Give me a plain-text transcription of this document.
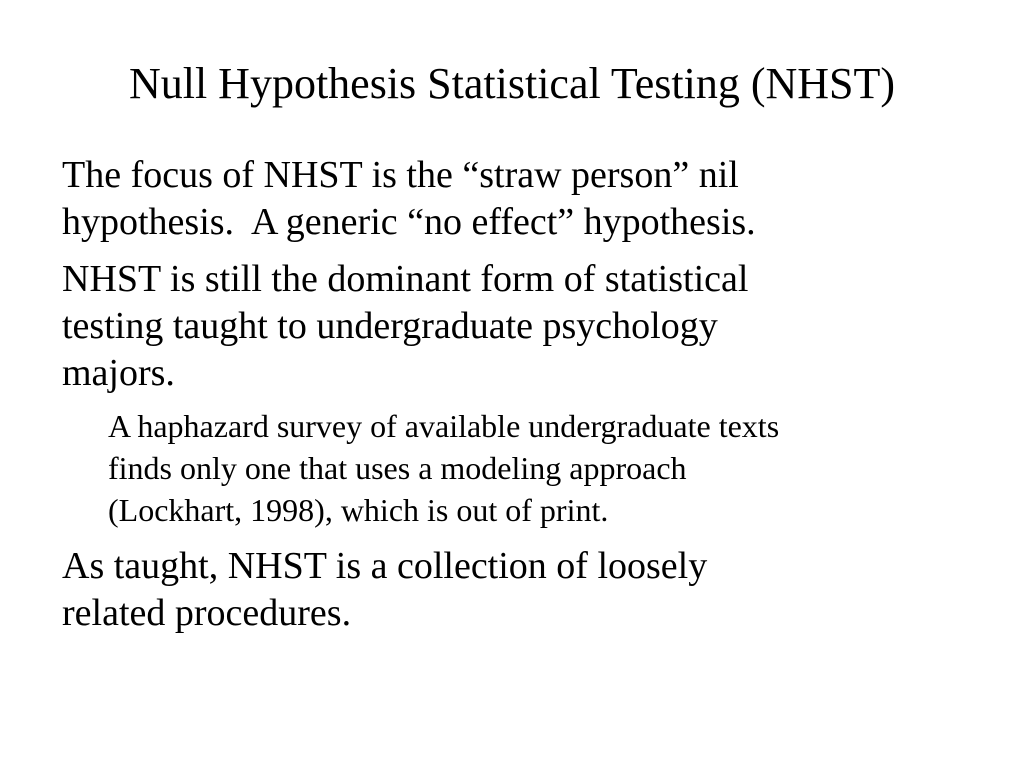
Null Hypothesis Statistical Testing (NHST)
The focus of NHST is the “straw person” nil
hypothesis.  A generic “no effect” hypothesis.
NHST is still the dominant form of statistical
testing taught to undergraduate psychology
majors.
A haphazard survey of available undergraduate texts
finds only one that uses a modeling approach
(Lockhart, 1998), which is out of print.
As taught, NHST is a collection of loosely
related procedures.
